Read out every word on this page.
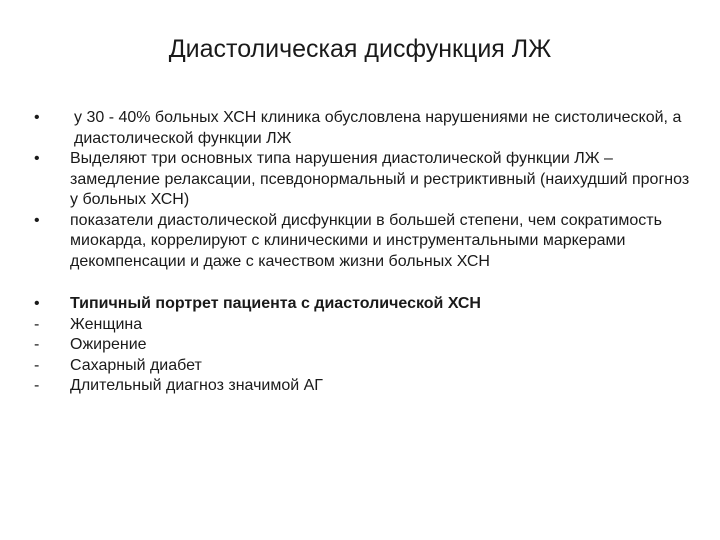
Диастолическая дисфункция ЛЖ
•	у 30 - 40% больных ХСН клиника обусловлена нарушениями не систолической, а диастолической функции ЛЖ
•	Выделяют три основных типа нарушения диастолической функции ЛЖ – замедление релаксации, псевдонормальный и рестриктивный (наихудший прогноз у больных ХСН)
•	показатели диастолической дисфункции в большей степени, чем сократимость миокарда, коррелируют с клиническими и инструментальными маркерами декомпенсации и даже с качеством жизни больных ХСН
•	Типичный портрет пациента с диастолической ХСН
-	Женщина
-	Ожирение
-	Сахарный диабет
-	Длительный диагноз значимой АГ
